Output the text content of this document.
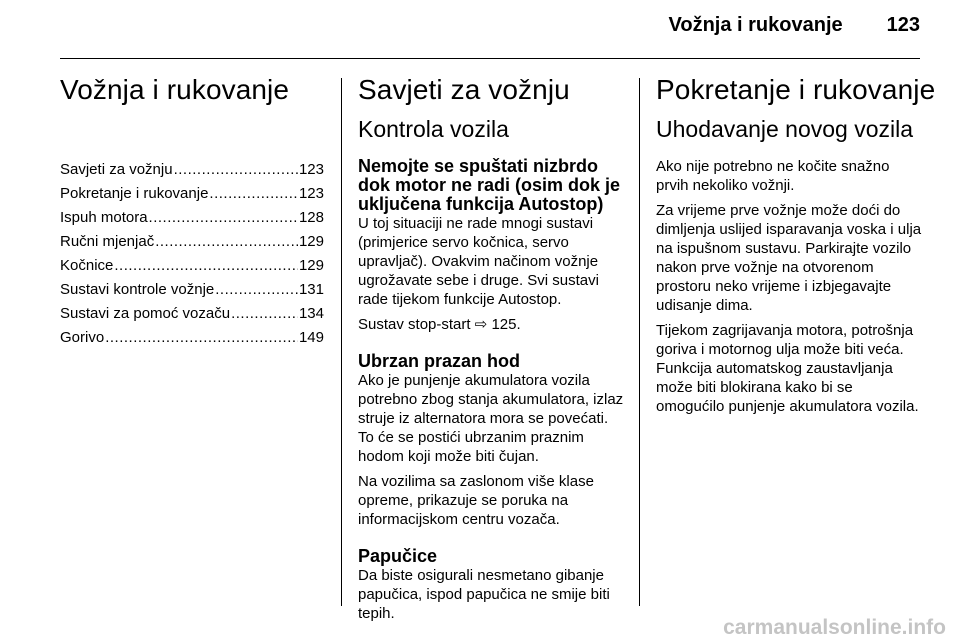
Vožnja i rukovanje 123
Vožnja i rukovanje
Savjeti za vožnju .....	123
Pokretanje i rukovanje .....	123
Ispuh motora .....	128
Ručni mjenjač .....	129
Kočnice .....	129
Sustavi kontrole vožnje .....	131
Sustavi za pomoć vozaču .....	134
Gorivo .....	149
Savjeti za vožnju
Kontrola vozila
Nemojte se spuštati nizbrdo dok motor ne radi (osim dok je uključena funkcija Autostop)

U toj situaciji ne rade mnogi sustavi (primjerice servo kočnica, servo upravljač). Ovakvim načinom vožnje ugrožavate sebe i druge. Svi sustavi rade tijekom funkcije Autostop.

Sustav stop-start ⇨ 125.

Ubrzan prazan hod

Ako je punjenje akumulatora vozila potrebno zbog stanja akumulatora, izlaz struje iz alternatora mora se povećati. To će se postići ubrzanim praznim hodom koji može biti čujan.

Na vozilima sa zaslonom više klase opreme, prikazuje se poruka na informacijskom centru vozača.

Papučice

Da biste osigurali nesmetano gibanje papučica, ispod papučica ne smije biti tepih.

Pokretanje i rukovanje
Uhodavanje novog vozila

Ako nije potrebno ne kočite snažno prvih nekoliko vožnji.

Za vrijeme prve vožnje može doći do dimljenja uslijed isparavanja voska i ulja na ispušnom sustavu. Parkirajte vozilo nakon prve vožnje na otvorenom prostoru neko vrijeme i izbjegavajte udisanje dima.

Tijekom zagrijavanja motora, potrošnja goriva i motornog ulja može biti veća. Funkcija automatskog zaustavljanja može biti blokirana kako bi se omogućilo punjenje akumulatora vozila.

carmanualsonline.info
